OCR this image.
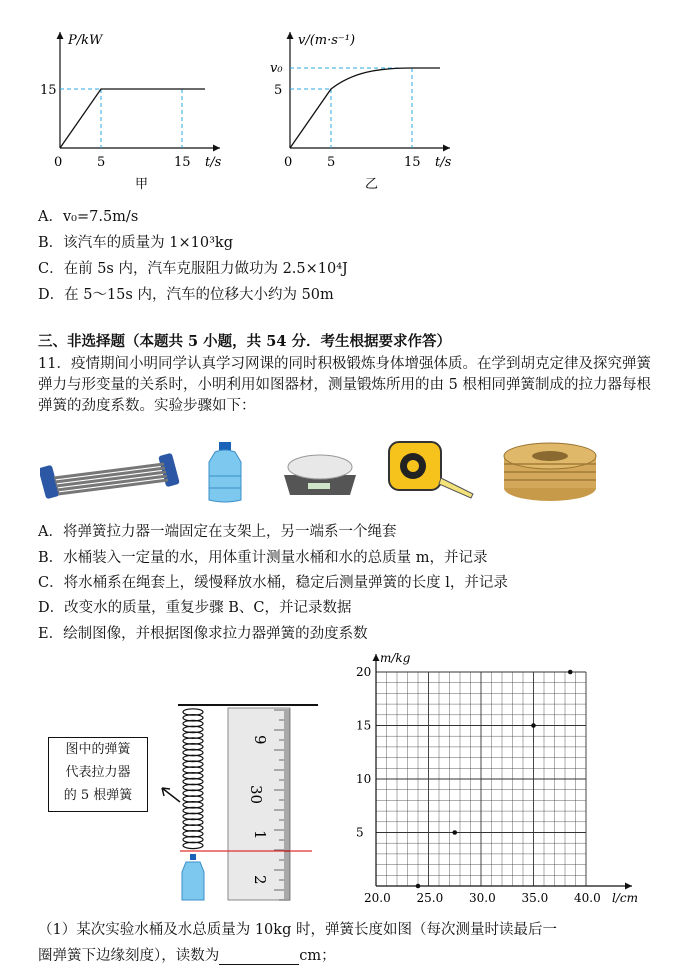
P/kW
t/s
0	5	15
15
甲
v/(m·s⁻¹)
t/s
0	5	15
5
v₀
乙
A．v₀=7.5m/s
B．该汽车的质量为 1×10³kg
C．在前 5s 内，汽车克服阻力做功为 2.5×10⁴J
D．在 5～15s 内，汽车的位移大小约为 50m
三、非选择题（本题共 5 小题，共 54 分．考生根据要求作答）
11．疫情期间小明同学认真学习网课的同时积极锻炼身体增强体质。在学到胡克定律及探究弹簧弹力与形变量的关系时，小明利用如图器材，测量锻炼所用的由 5 根相同弹簧制成的拉力器每根弹簧的劲度系数。实验步骤如下：
A．将弹簧拉力器一端固定在支架上，另一端系一个绳套
B．水桶装入一定量的水，用体重计测量水桶和水的总质量 m，并记录
C．将水桶系在绳套上，缓慢释放水桶，稳定后测量弹簧的长度 l，并记录
D．改变水的质量，重复步骤 B、C，并记录数据
E．绘制图像，并根据图像求拉力器弹簧的劲度系数
图中的弹簧
代表拉力器
的 5 根弹簧
9
30
1
2
m/kg
l/cm
20.0 25.0 30.0 35.0 40.0
5
10
15
20
（1）某次实验水桶及水总质量为 10kg 时，弹簧长度如图（每次测量时读最后一
圈弹簧下边缘刻度），读数为	cm；
